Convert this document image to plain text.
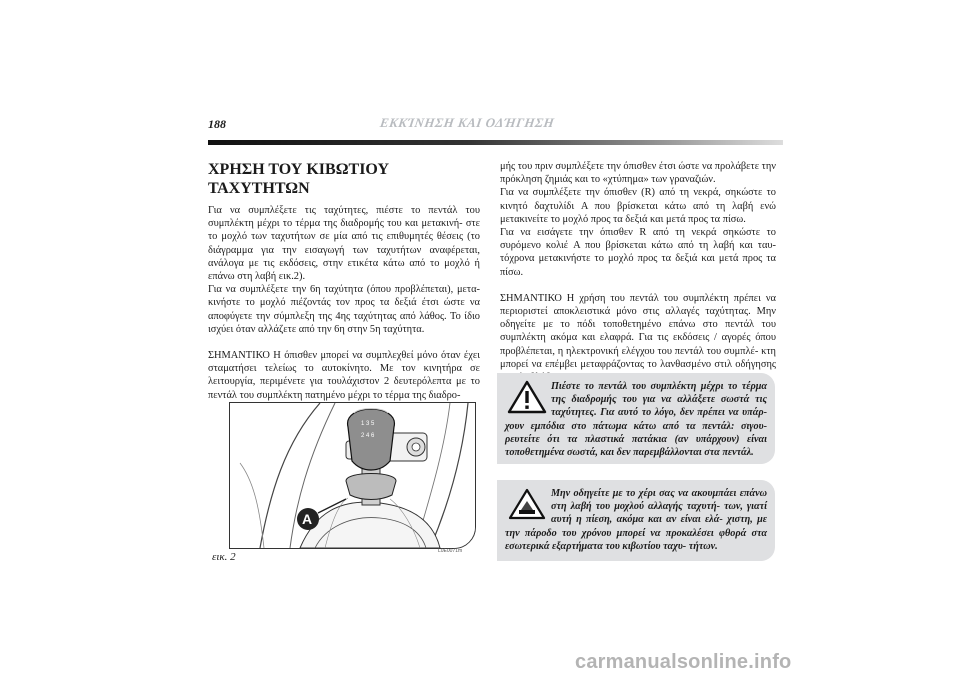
188	ΕΚΚΊΝΗΣΗ ΚΑΙ ΟΔΉΓΗΣΗ
ΧΡΗΣΗ ΤΟΥ ΚΙΒΩΤΙΟΥ
ΤΑΧΥΤΗΤΩΝ

Για να συμπλέξετε τις ταχύτητες, πιέστε το πεντάλ του συμπλέκτη μέχρι το τέρμα της διαδρομής του και μετακινή- στε το μοχλό των ταχυτήτων σε μία από τις επιθυμητές θέσεις (το διάγραμμα για την εισαγωγή των ταχυτήτων αναφέρεται, ανάλογα με τις εκδόσεις, στην ετικέτα κάτω από το μοχλό ή επάνω στη λαβή εικ.2).

Για να συμπλέξετε την 6η ταχύτητα (όπου προβλέπεται), μετα- κινήστε το μοχλό πιέζοντάς τον προς τα δεξιά έτσι ώστε να αποφύγετε την σύμπλεξη της 4ης ταχύτητας από λάθος. Το ίδιο ισχύει όταν αλλάζετε από την 6η στην 5η ταχύτητα.

ΣΗΜΑΝΤΙΚΟ Η όπισθεν μπορεί να συμπλεχθεί μόνο όταν έχει σταματήσει τελείως το αυτοκίνητο. Με τον κινητήρα σε λειτουργία, περιμένετε για τουλάχιστον 2 δευτερόλεπτα με το πεντάλ του συμπλέκτη πατημένο μέχρι το τέρμα της διαδρο-

μής του πριν συμπλέξετε την όπισθεν έτσι ώστε να προλάβετε την πρόκληση ζημιάς και το «χτύπημα» των γραναζιών.

Για να συμπλέξετε την όπισθεν (R) από τη νεκρά, σηκώστε το κινητό δαχτυλίδι A που βρίσκεται κάτω από τη λαβή ενώ μετακινείτε το μοχλό προς τα δεξιά και μετά προς τα πίσω.

Για να εισάγετε την όπισθεν R από τη νεκρά σηκώστε το συρόμενο κολιέ A που βρίσκεται κάτω από τη λαβή και ταυ- τόχρονα μετακινήστε το μοχλό προς τα δεξιά και μετά προς τα πίσω.

ΣΗΜΑΝΤΙΚΟ Η χρήση του πεντάλ του συμπλέκτη πρέπει να περιοριστεί αποκλειστικά μόνο στις αλλαγές ταχύτητας. Μην οδηγείτε με το πόδι τοποθετημένο επάνω στο πεντάλ του συμπλέκτη ακόμα και ελαφρά. Για τις εκδόσεις / αγορές όπου προβλέπεται, η ηλεκτρονική ελέγχου του πεντάλ του συμπλέ- κτη μπορεί να επέμβει μεταφράζοντας το λανθασμένο στιλ οδήγησης

Πιέστε το πεντάλ του συμπλέκτη μέχρι το τέρμα της διαδρομής του για να αλλάξετε σωστά τις ταχύτητες. Για αυτό το λόγο, δεν πρέπει να υπάρ- χουν εμπόδια στο πάτωμα κάτω από τα πεντάλ: σιγου- ρευτείτε ότι τα πλαστικά πατάκια (αν υπάρχουν) είναι τοποθετημένα σωστά, και δεν παρεμβάλλονται στα πεντάλ.
Μην οδηγείτε με το χέρι σας να ακουμπάει επάνω στη λαβή του μοχλού αλλαγής ταχυτή- των, γιατί αυτή η πίεση, ακόμα και αν είναι ελά- χιστη, με την πάροδο του χρόνου μπορεί να προκαλέσει φθορά στα εσωτερικά εξαρτήματα του κιβωτίου ταχυ- τήτων.
1 3 5
2 4 6
A
εικ. 2	L0E0071m
carmanualsonline.info
